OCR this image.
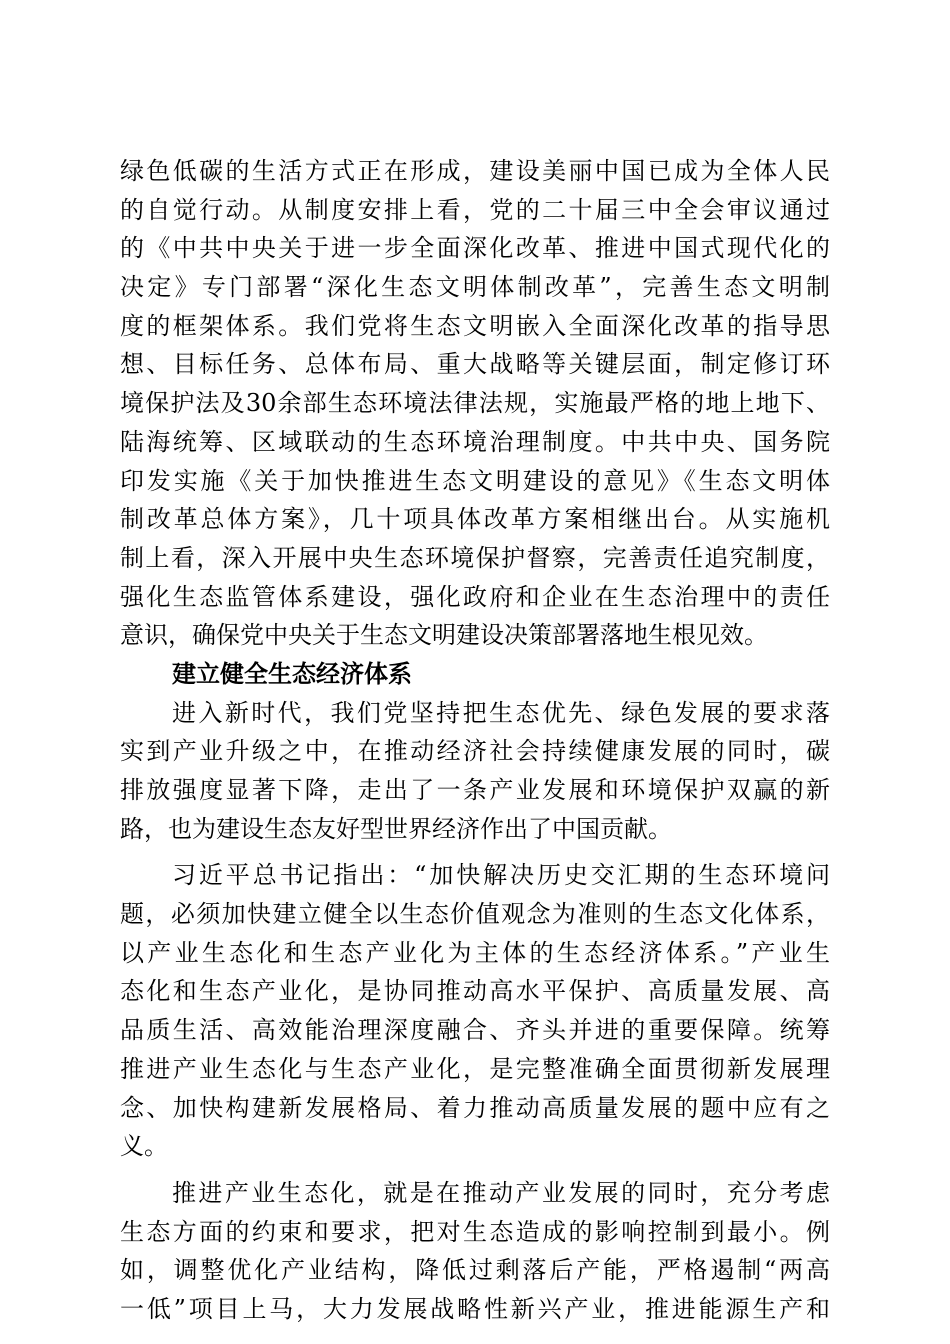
绿色低碳的生活方式正在形成，建设美丽中国已成为全体人民
的自觉行动。从制度安排上看，党的二十届三中全会审议通过
的《中共中央关于进一步全面深化改革、推进中国式现代化的
决定》专门部署“深化生态文明体制改革”，完善生态文明制
度的框架体系。我们党将生态文明嵌入全面深化改革的指导思
想、目标任务、总体布局、重大战略等关键层面，制定修订环
境保护法及30余部生态环境法律法规，实施最严格的地上地下、
陆海统筹、区域联动的生态环境治理制度。中共中央、国务院
印发实施《关于加快推进生态文明建设的意见》《生态文明体
制改革总体方案》，几十项具体改革方案相继出台。从实施机
制上看，深入开展中央生态环境保护督察，完善责任追究制度，
强化生态监管体系建设，强化政府和企业在生态治理中的责任
意识，确保党中央关于生态文明建设决策部署落地生根见效。
建立健全生态经济体系
进入新时代，我们党坚持把生态优先、绿色发展的要求落
实到产业升级之中，在推动经济社会持续健康发展的同时，碳
排放强度显著下降，走出了一条产业发展和环境保护双赢的新
路，也为建设生态友好型世界经济作出了中国贡献。
习近平总书记指出：“加快解决历史交汇期的生态环境问
题，必须加快建立健全以生态价值观念为准则的生态文化体系，
以产业生态化和生态产业化为主体的生态经济体系。”产业生
态化和生态产业化，是协同推动高水平保护、高质量发展、高
品质生活、高效能治理深度融合、齐头并进的重要保障。统筹
推进产业生态化与生态产业化，是完整准确全面贯彻新发展理
念、加快构建新发展格局、着力推动高质量发展的题中应有之
义。
推进产业生态化，就是在推动产业发展的同时，充分考虑
生态方面的约束和要求，把对生态造成的影响控制到最小。例
如，调整优化产业结构，降低过剩落后产能，严格遏制“两高
一低”项目上马，大力发展战略性新兴产业，推进能源生产和
